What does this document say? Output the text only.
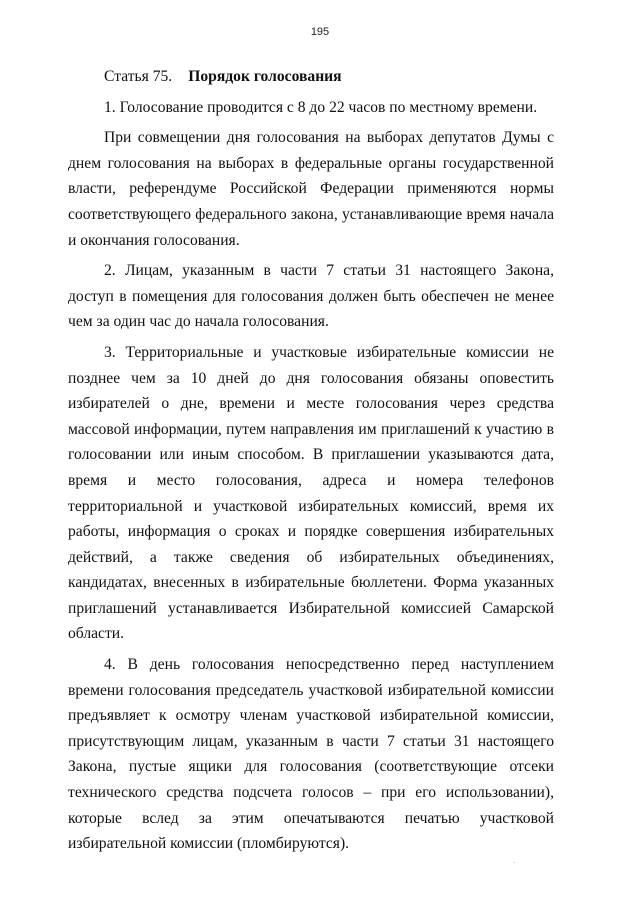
195

Статья 75. Порядок голосования

1. Голосование проводится с 8 до 22 часов по местному времени.

При совмещении дня голосования на выборах депутатов Думы с днем голосования на выборах в федеральные органы государственной власти, референдуме Российской Федерации применяются нормы соответствующего федерального закона, устанавливающие время начала и окончания голосования.

2. Лицам, указанным в части 7 статьи 31 настоящего Закона, доступ в помещения для голосования должен быть обеспечен не менее чем за один час до начала голосования.

3. Территориальные и участковые избирательные комиссии не позднее чем за 10 дней до дня голосования обязаны оповестить избирателей о дне, времени и месте голосования через средства массовой информации, путем направления им приглашений к участию в голосовании или иным способом. В приглашении указываются дата, время и место голосования, адреса и номера телефонов территориальной и участковой избирательных комиссий, время их работы, информация о сроках и порядке совершения избирательных действий, а также сведения об избирательных объединениях, кандидатах, внесенных в избирательные бюллетени. Форма указанных приглашений устанавливается Избирательной комиссией Самарской области.

4. В день голосования непосредственно перед наступлением времени голосования председатель участковой избирательной комиссии предъявляет к осмотру членам участковой избирательной комиссии, присутствующим лицам, указанным в части 7 статьи 31 настоящего Закона, пустые ящики для голосования (соответствующие отсеки технического средства подсчета голосов – при его использовании), которые вслед за этим опечатываются печатью участковой избирательной комиссии (пломбируются).
